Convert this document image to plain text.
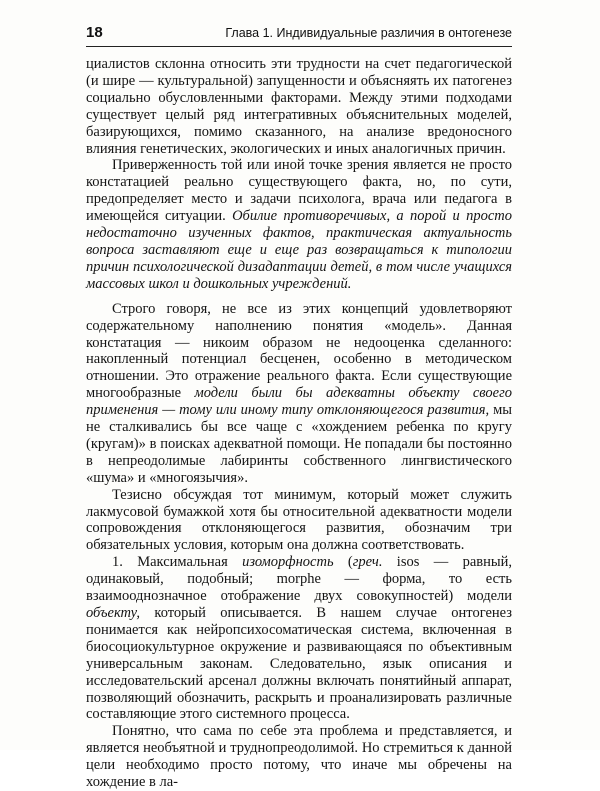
18	Глава 1. Индивидуальные различия в онтогенезе

циалистов склонна относить эти трудности на счет педагогической (и шире — культуральной) запущенности и объясняять их патогенез социально обусловленными факторами. Между этими подходами существует целый ряд интегративных объяснительных моделей, базирующихся, помимо сказанного, на анализе вредоносного влияния генетических, экологических и иных аналогичных причин.

Приверженность той или иной точке зрения является не просто констатацией реально существующего факта, но, по сути, предопределяет место и задачи психолога, врача или педагога в имеющейся ситуации. Обилие противоречивых, а порой и просто недостаточно изученных фактов, практическая актуальность вопроса заставляют еще и еще раз возвращаться к типологии причин психологической дизадаптации детей, в том числе учащихся массовых школ и дошкольных учреждений.

Строго говоря, не все из этих концепций удовлетворяют содержательному наполнению понятия «модель». Данная констатация — никоим образом не недооценка сделанного: накопленный потенциал бесценен, особенно в методическом отношении. Это отражение реального факта. Если существующие многообразные модели были бы адекватны объекту своего применения — тому или иному типу отклоняющегося развития, мы не сталкивались бы все чаще с «хождением ребенка по кругу (кругам)» в поисках адекватной помощи. Не попадали бы постоянно в непреодолимые лабиринты собственного лингвистического «шума» и «многоязычия».

Тезисно обсуждая тот минимум, который может служить лакмусовой бумажкой хотя бы относительной адекватности модели сопровождения отклоняющегося развития, обозначим три обязательных условия, которым она должна соответствовать.

1. Максимальная изоморфность (греч. isos — равный, одинаковый, подобный; morphe — форма, то есть взаимооднозначное отображение двух совокупностей) модели объекту, который описывается. В нашем случае онтогенез понимается как нейропсихосоматическая система, включенная в биосоциокультурное окружение и развивающаяся по объективным универсальным законам. Следовательно, язык описания и исследовательский арсенал должны включать понятийный аппарат, позволяющий обозначить, раскрыть и проанализировать различные составляющие этого системного процесса.

Понятно, что сама по себе эта проблема и представляется, и является необъятной и труднопреодолимой. Но стремиться к данной цели необходимо просто потому, что иначе мы обречены на хождение в ла-
